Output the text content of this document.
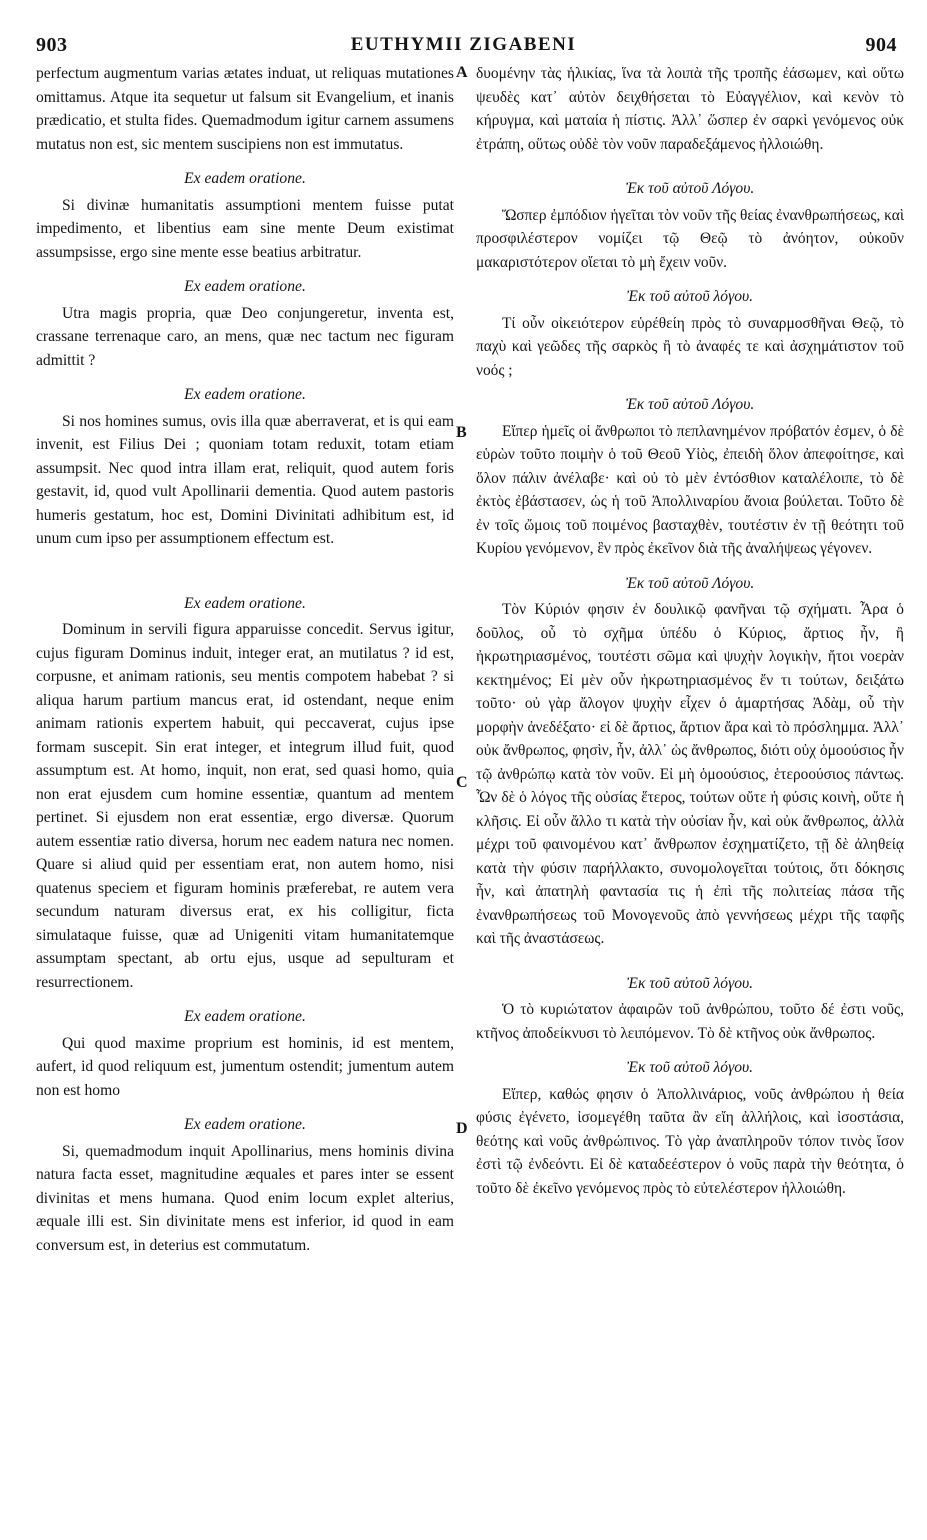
903	EUTHYMII ZIGABENI	904
A
B
C
D

perfectum augmentum varias ætates induat, ut reliquas mutationes omittamus. Atque ita sequetur ut falsum sit Evangelium, et inanis prædicatio, et stulta fides. Quemadmodum igitur carnem assumens mutatus non est, sic mentem suscipiens non est immutatus.

Ex eadem oratione.

Si divinæ humanitatis assumptioni mentem fuisse putat impedimento, et libentius eam sine mente Deum existimat assumpsisse, ergo sine mente esse beatius arbitratur.

Ex eadem oratione.

Utra magis propria, quæ Deo conjungeretur, inventa est, crassane terrenaque caro, an mens, quæ nec tactum nec figuram admittit ?

Ex eadem oratione.

Si nos homines sumus, ovis illa quæ aberraverat, et is qui eam invenit, est Filius Dei ; quoniam totam reduxit, totam etiam assumpsit. Nec quod intra illam erat, reliquit, quod autem foris gestavit, id, quod vult Apollinarii dementia. Quod autem pastoris humeris gestatum, hoc est, Domini Divinitati adhibitum est, id unum cum ipso per assumptionem effectum est.

Ex eadem oratione.

Dominum in servili figura apparuisse concedit. Servus igitur, cujus figuram Dominus induit, integer erat, an mutilatus ? id est, corpusne, et animam rationis, seu mentis compotem habebat ? si aliqua harum partium mancus erat, id ostendant, neque enim animam rationis expertem habuit, qui peccaverat, cujus ipse formam suscepit. Sin erat integer, et integrum illud fuit, quod assumptum est. At homo, inquit, non erat, sed quasi homo, quia non erat ejusdem cum homine essentiæ, quantum ad mentem pertinet. Si ejusdem non erat essentiæ, ergo diversæ. Quorum autem essentiæ ratio diversa, horum nec eadem natura nec nomen. Quare si aliud quid per essentiam erat, non autem homo, nisi quatenus speciem et figuram hominis præferebat, re autem vera secundum naturam diversus erat, ex his colligitur, ficta simulataque fuisse, quæ ad Unigeniti vitam humanitatemque assumptam spectant, ab ortu ejus, usque ad sepulturam et resurrectionem.

Ex eadem oratione.

Qui quod maxime proprium est hominis, id est mentem, aufert, id quod reliquum est, jumentum ostendit; jumentum autem non est homo

Ex eadem oratione.

Si, quemadmodum inquit Apollinarius, mens hominis divina natura facta esset, magnitudine æquales et pares inter se essent divinitas et mens humana. Quod enim locum explet alterius, æquale illi est. Sin divinitate mens est inferior, id quod in eam conversum est, in deterius est commutatum.

δυομένην τὰς ἡλικίας, ἵνα τὰ λοιπὰ τῆς τροπῆς ἐάσωμεν, καὶ οὕτω ψευδὲς κατ᾽ αὐτὸν δειχθήσεται τὸ Εὐαγγέλιον, καὶ κενὸν τὸ κήρυγμα, καὶ ματαία ἡ πίστις. Ἀλλ᾽ ὥσπερ ἐν σαρκὶ γενόμενος οὐκ ἐτράπη, οὕτως οὐδὲ τὸν νοῦν παραδεξάμενος ἠλλοιώθη.

Ἐκ τοῦ αὐτοῦ Λόγου.

Ὥσπερ ἐμπόδιον ἡγεῖται τὸν νοῦν τῆς θείας ἐνανθρωπήσεως, καὶ προσφιλέστερον νομίζει τῷ Θεῷ τὸ ἀνόητον, οὐκοῦν μακαριστότερον οἴεται τὸ μὴ ἔχειν νοῦν.

Ἐκ τοῦ αὐτοῦ λόγου.

Τί οὖν οἰκειότερον εὑρέθείη πρὸς τὸ συναρμοσθῆναι Θεῷ, τὸ παχὺ καὶ γεῶδες τῆς σαρκὸς ἢ τὸ ἀναφές τε καὶ ἀσχημάτιστον τοῦ νοός ;

Ἐκ τοῦ αὐτοῦ Λόγου.

Εἴπερ ἡμεῖς οἱ ἄνθρωποι τὸ πεπλανημένον πρόβατόν ἐσμεν, ὁ δὲ εὑρὼν τοῦτο ποιμὴν ὁ τοῦ Θεοῦ Υἱὸς, ἐπειδὴ ὅλον ἀπεφοίτησε, καὶ ὅλον πάλιν ἀνέλαβε· καὶ οὐ τὸ μὲν ἐντόσθιον καταλέλοιπε, τὸ δὲ ἐκτὸς ἐβάστασεν, ὡς ἡ τοῦ Ἀπολλιναρίου ἄνοια βούλεται. Τοῦτο δὲ ἐν τοῖς ὤμοις τοῦ ποιμένος βασταχθὲν, τουτέστιν ἐν τῇ θεότητι τοῦ Κυρίου γενόμενον, ἓν πρὸς ἐκεῖνον διὰ τῆς ἀναλήψεως γέγονεν.

Ἐκ τοῦ αὐτοῦ Λόγου.

Τὸν Κύριόν φησιν ἐν δουλικῷ φανῆναι τῷ σχήματι. Ἆρα ὁ δοῦλος, οὗ τὸ σχῆμα ὑπέδυ ὁ Κύριος, ἄρτιος ἦν, ἢ ἠκρωτηριασμένος, τουτέστι σῶμα καὶ ψυχὴν λογικὴν, ἤτοι νοερὰν κεκτημένος; Εἰ μὲν οὖν ἠκρωτηριασμένος ἔν τι τούτων, δειξάτω τοῦτο· οὐ γὰρ ἄλογον ψυχὴν εἶχεν ὁ ἁμαρτήσας Ἀδὰμ, οὗ τὴν μορφὴν ἀνεδέξατο· εἰ δὲ ἄρτιος, ἄρτιον ἄρα καὶ τὸ πρόσλημμα. Ἀλλ᾽ οὐκ ἄνθρωπος, φησὶν, ἦν, ἀλλ᾽ ὡς ἄνθρωπος, διότι οὐχ ὁμοούσιος ἦν τῷ ἀνθρώπῳ κατὰ τὸν νοῦν. Εἰ μὴ ὁμοούσιος, ἑτεροούσιος πάντως. Ὧν δὲ ὁ λόγος τῆς οὐσίας ἕτερος, τούτων οὔτε ἡ φύσις κοινὴ, οὔτε ἡ κλῆσις. Εἰ οὖν ἄλλο τι κατὰ τὴν οὐσίαν ἦν, καὶ οὐκ ἄνθρωπος, ἀλλὰ μέχρι τοῦ φαινομένου κατ᾽ ἄνθρωπον ἐσχηματίζετο, τῇ δὲ ἀληθείᾳ κατὰ τὴν φύσιν παρήλλακτο, συνομολογεῖται τούτοις, ὅτι δόκησις ἦν, καὶ ἀπατηλὴ φαντασία τις ἡ ἐπὶ τῆς πολιτείας πάσα τῆς ἐνανθρωπήσεως τοῦ Μονογενοῦς ἀπὸ γεννήσεως μέχρι τῆς ταφῆς καὶ τῆς ἀναστάσεως.

Ἐκ τοῦ αὐτοῦ λόγου.

Ὁ τὸ κυριώτατον ἀφαιρῶν τοῦ ἀνθρώπου, τοῦτο δέ ἐστι νοῦς, κτῆνος ἀποδείκνυσι τὸ λειπόμενον. Τὸ δὲ κτῆνος οὐκ ἄνθρωπος.

Ἐκ τοῦ αὐτοῦ λόγου.

Εἴπερ, καθώς φησιν ὁ Ἀπολλινάριος, νοῦς ἀνθρώπου ἡ θεία φύσις ἐγένετο, ἰσομεγέθη ταῦτα ἂν εἴη ἀλλήλοις, καὶ ἰσοστάσια, θεότης καὶ νοῦς ἀνθρώπινος. Τὸ γὰρ ἀναπληροῦν τόπον τινὸς ἴσον ἐστὶ τῷ ἐνδεόντι. Εἰ δὲ καταδεέστερον ὁ νοῦς παρὰ τὴν θεότητα, ὁ τοῦτο δὲ ἐκεῖνο γενόμενος πρὸς τὸ εὐτελέστερον ἠλλοιώθη.
